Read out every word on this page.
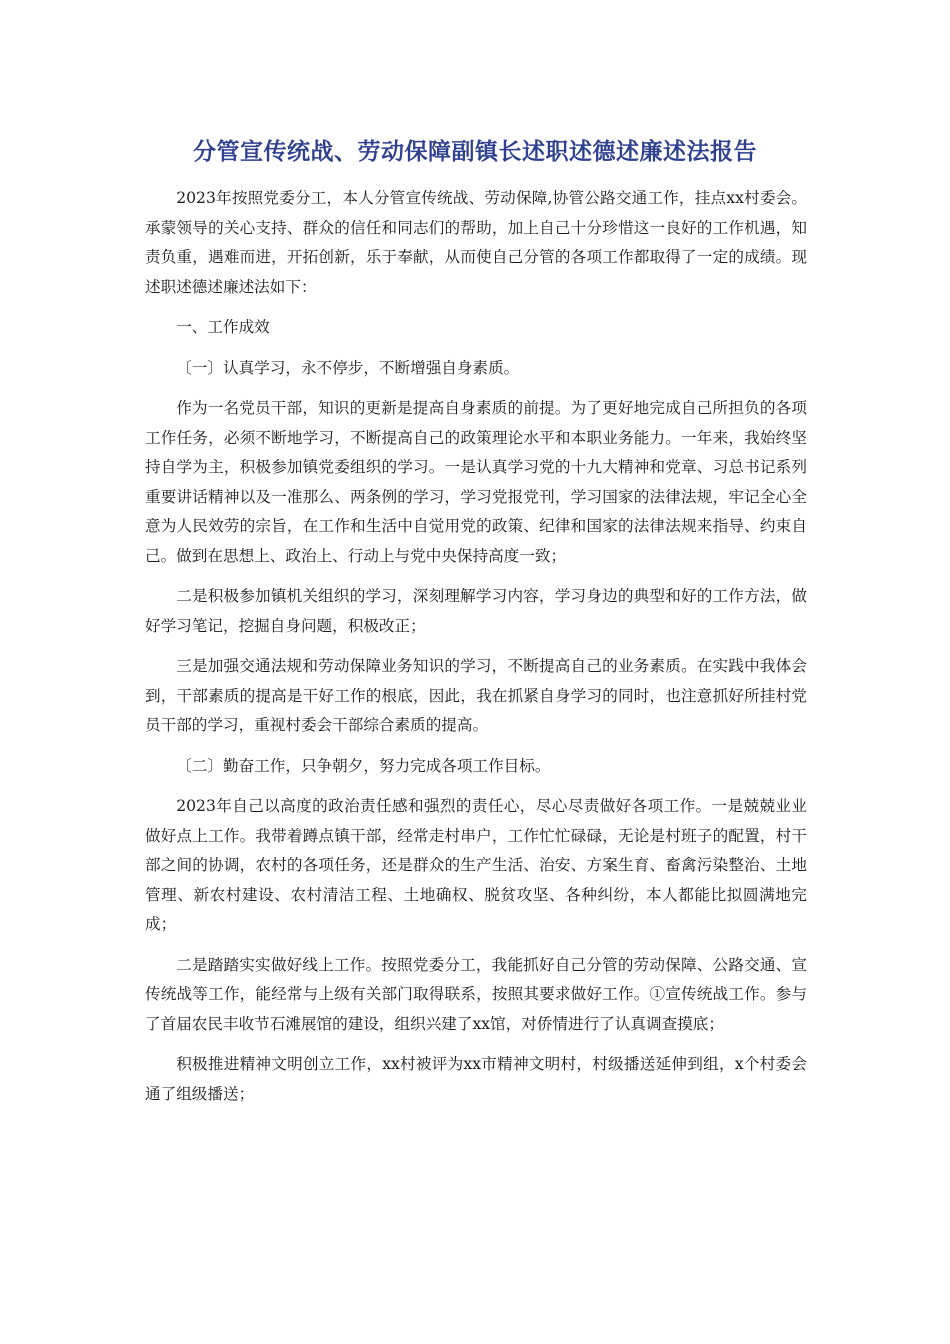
分管宣传统战、劳动保障副镇长述职述德述廉述法报告

2023年按照党委分工，本人分管宣传统战、劳动保障,协管公路交通工作，挂点xx村委会。承蒙领导的关心支持、群众的信任和同志们的帮助，加上自己十分珍惜这一良好的工作机遇，知责负重，遇难而进，开拓创新，乐于奉献，从而使自己分管的各项工作都取得了一定的成绩。现述职述德述廉述法如下：

一、工作成效

〔一〕认真学习，永不停步，不断增强自身素质。

作为一名党员干部，知识的更新是提高自身素质的前提。为了更好地完成自己所担负的各项工作任务，必须不断地学习，不断提高自己的政策理论水平和本职业务能力。一年来，我始终坚持自学为主，积极参加镇党委组织的学习。一是认真学习党的十九大精神和党章、习总书记系列重要讲话精神以及一准那么、两条例的学习，学习党报党刊，学习国家的法律法规，牢记全心全意为人民效劳的宗旨，在工作和生活中自觉用党的政策、纪律和国家的法律法规来指导、约束自己。做到在思想上、政治上、行动上与党中央保持高度一致；

二是积极参加镇机关组织的学习，深刻理解学习内容，学习身边的典型和好的工作方法，做好学习笔记，挖掘自身问题，积极改正；

三是加强交通法规和劳动保障业务知识的学习，不断提高自己的业务素质。在实践中我体会到，干部素质的提高是干好工作的根底，因此，我在抓紧自身学习的同时，也注意抓好所挂村党员干部的学习，重视村委会干部综合素质的提高。

〔二〕勤奋工作，只争朝夕，努力完成各项工作目标。

2023年自己以高度的政治责任感和强烈的责任心，尽心尽责做好各项工作。一是兢兢业业做好点上工作。我带着蹲点镇干部，经常走村串户，工作忙忙碌碌，无论是村班子的配置，村干部之间的协调，农村的各项任务，还是群众的生产生活、治安、方案生育、畜禽污染整治、土地管理、新农村建设、农村清洁工程、土地确权、脱贫攻坚、各种纠纷，本人都能比拟圆满地完成；

二是踏踏实实做好线上工作。按照党委分工，我能抓好自己分管的劳动保障、公路交通、宣传统战等工作，能经常与上级有关部门取得联系，按照其要求做好工作。①宣传统战工作。参与了首届农民丰收节石滩展馆的建设，组织兴建了xx馆，对侨情进行了认真调查摸底；

积极推进精神文明创立工作，xx村被评为xx市精神文明村，村级播送延伸到组，x个村委会通了组级播送；
